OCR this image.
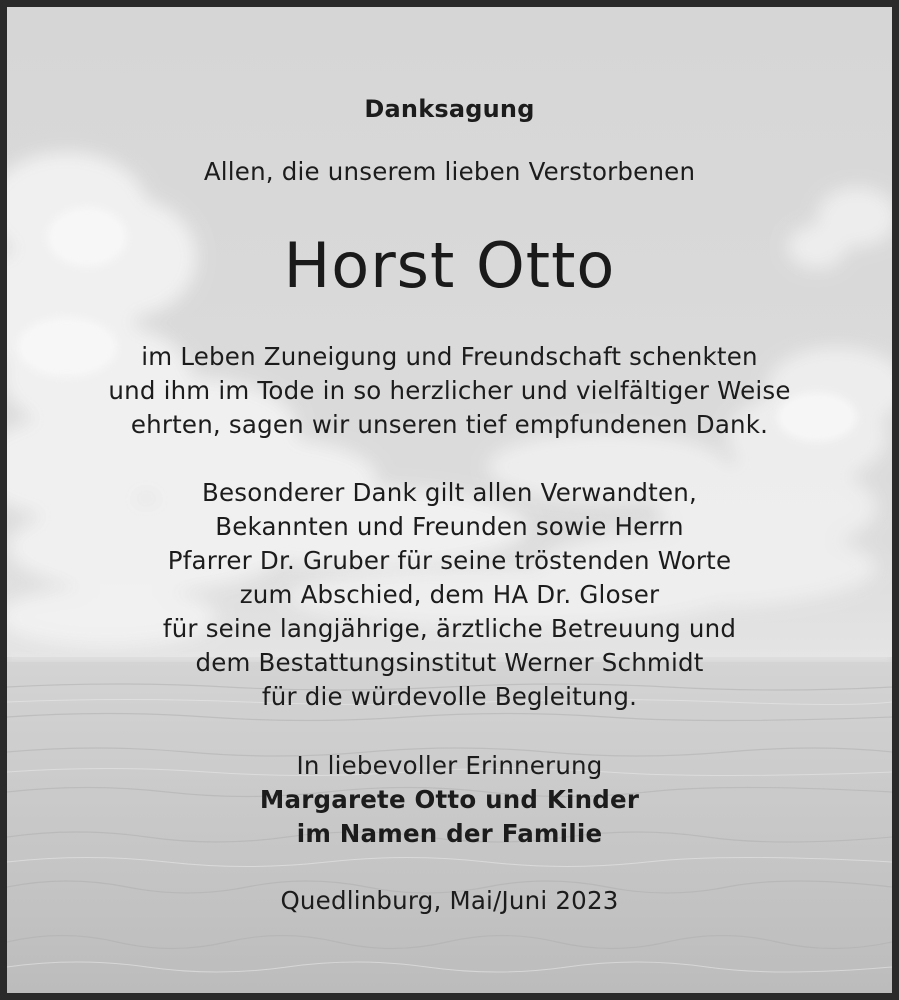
Danksagung
Allen, die unserem lieben Verstorbenen
Horst Otto
im Leben Zuneigung und Freundschaft schenkten
und ihm im Tode in so herzlicher und vielfältiger Weise
ehrten, sagen wir unseren tief empfundenen Dank.
Besonderer Dank gilt allen Verwandten,
Bekannten und Freunden sowie Herrn
Pfarrer Dr. Gruber für seine tröstenden Worte
zum Abschied, dem HA Dr. Gloser
für seine langjährige, ärztliche Betreuung und
dem Bestattungsinstitut Werner Schmidt
für die würdevolle Begleitung.
In liebevoller Erinnerung
Margarete Otto und Kinder
im Namen der Familie
Quedlinburg, Mai/Juni 2023
